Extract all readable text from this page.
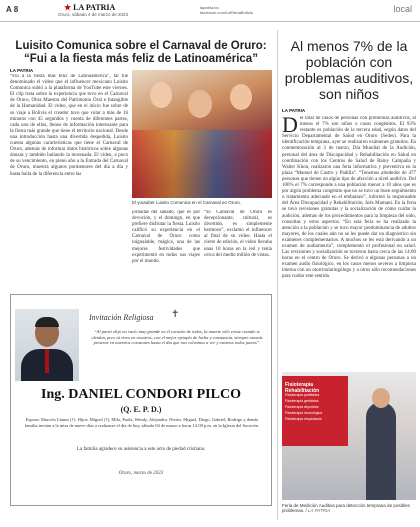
A 8	★ LA PATRIA
Oruro, sábado 4 de marzo de 2023
lapatria.bo
facebook.com/LaPatriaBolivia	local
Luisito Comunica sobre el Carnaval de Oruro: “Fui a la fiesta más feliz de Latinoamérica”
LA PATRIA
“Fui a la fiesta más feliz de Latinoamérica”, tal fue denominado el video que el influencer mexicano Luisito Comunica subió a la plataforma de YouTube este viernes. El clip trata sobre la experiencia que tuvo en el Carnaval de Oruro, Obra Maestra del Patrimonio Oral e Intangible de la Humanidad. El video, que en el inicio fue sobre de su viaje a Bolivia el creador tuvo que volar a más de 16 minutos con 45 segundos y cuenta de diferentes partes, cada uno de ellos, llenos de información interesante para la fiesta más grande que tiene el territorio nacional. Desde una introducción hasta una divertida despedida, Luisito cuenta algunas características que tiene el Carnaval de Oruro, además de informar datos históricos sobre algunas danzas y también bailando la morenada. El video, a poco de su vencimiento, en pleno año a la Entrada del Carnaval de Oruro, muestra algunos pormenores del día a día y hasta baila de la diferencia entre las
El youtuber Luisito Comunica en el Carnaval en Oruro.
jornadas del sábado, que es por devoción, y el domingo, en que prefiere disfrutar la fiesta. Luisito calificó su experiencia en el Carnaval de Oruro como inigualable, mágica, una de las mejores festividades que experimentó en todos sus viajes por el mundo.
“El Carnaval de Oruro es decepcionante, cultural, es divertido, es simplemente hermoso”, exclamó el influencer al final de su video. Hasta el cierre de edición, el video llevaba unas 10 horas en la red y tenía cerca del medio millón de vistas.
Invitación Religiosa ✝
“Al partir dejo un vacío muy grande en el corazón de todos, la muerte sólo existe cuando te olvidan, pero tú vives en nosotros, con el mejor ejemplo de lucha y constancia, siempre estarás presente en nuestros corazones hasta el día que nos volvamos a ver y estemos todos juntos”.
Ing. DANIEL CONDORI PILCO
(Q. E. P. D.)
Esposa: Marcela Llanos (†). Hijos: Miguel (†), Milo, Paola, Wendy, Alejandro. Nietos: Miguel, Diego, Gabriel, Rodrigo y demás familia invitan a la misa de nueve días a realizarse el día de hoy, sábado 04 de marzo a horas 12:00 p.m. en la Iglesia del Socavón.
La familia agradece su asistencia a este acto de piedad cristiana.
Oruro, marzo de 2023
Al menos 7% de la población con problemas auditivos, son niños
LA PATRIA
Del total de casos de personas con problemas auditivos, al menos el 7% son niños o casos congénitos. El 93% restante es población de la tercera edad, según datos del Servicio Departamental de Salud en Oruro (Sedes). Para la identificación temprana, ayer se realizaron exámenes gratuitos. En conmemoración al 3 de marzo, Día Mundial de la Audición, personal del área de Discapacidad y Rehabilitación en Salud en coordinación con los Centros de Salud de Rainy Campaña y Walter Khon, realizaron una feria informativa y preventiva en la plaza “Manuel de Castro y Padilla”. “Tenemos alrededor de 477 personas que tienen un algún tipo de afección a nivel auditivo. Del 100% el 7% corresponde a una población menor a 10 años que es por algún problema congénito que no se tuvo un buen seguimiento o tratamiento adecuado en el embarazo”, informó la responsable del Área Discapacidad y Rehabilitación, Inés Mamani. En la feria se tuvo revisiones gratuitas y la socialización de cómo cuidar la audición, además de los procedimientos para la limpieza del oído, consultas y otros aspectos. “En esta feria se ha realizado la atención a la población y se tuvo mayor predominancia de adultos mayores, de los cuales aún no se les puede dar un diagnóstico sin exámenes complementarios. A muchos se les está derivando a un examen de audiometría”, complementó el profesional en salud. Las revisiones y socialización se tuvieron hasta cerca de las 14:00 horas en el centro de Oruro. Se derivó a algunas personas a un examen audio fisiológico, en los casos menos severos a limpieza interna con un otorrinolaringólogo y a otros sólo recomendaciones para cuidar este sentido.
Fisioterapia Rehabilitación
Fisioterapia pediátrica
Fisioterapia geriátrica
Fisioterapia deportiva
Fisioterapia neurológica
Fisioterapia respiratoria
Feria de Medición Auditiva para detección temprana de posibles problemas. / LA PATRIA
